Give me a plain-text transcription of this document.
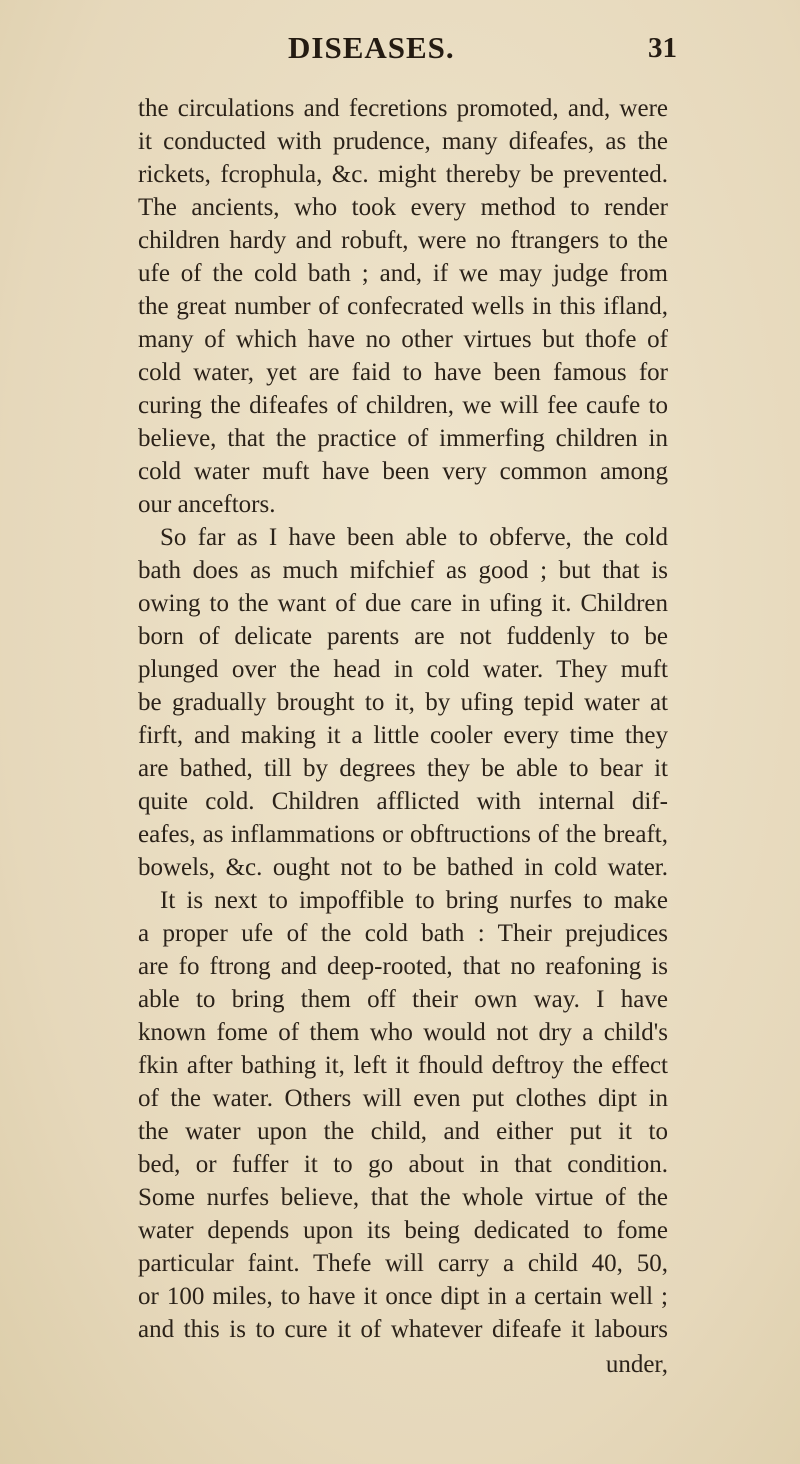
DISEASES.	31
the circulations and fecretions promoted, and, were
it conducted with prudence, many difeafes, as the
rickets, fcrophula, &c. might thereby be prevented.
The ancients, who took every method to render
children hardy and robuft, were no ftrangers to the
ufe of the cold bath ; and, if we may judge from
the great number of confecrated wells in this ifland,
many of which have no other virtues but thofe of
cold water, yet are faid to have been famous for
curing the difeafes of children, we will fee caufe to
believe, that the practice of immerfing children in
cold water muft have been very common among
our anceftors.
So far as I have been able to obferve, the cold
bath does as much mifchief as good ; but that is
owing to the want of due care in ufing it. Children
born of delicate parents are not fuddenly to be
plunged over the head in cold water. They muft
be gradually brought to it, by ufing tepid water at
firft, and making it a little cooler every time they
are bathed, till by degrees they be able to bear it
quite cold. Children afflicted with internal dif-
eafes, as inflammations or obftructions of the breaft,
bowels, &c. ought not to be bathed in cold water.
It is next to impoffible to bring nurfes to make
a proper ufe of the cold bath : Their prejudices
are fo ftrong and deep-rooted, that no reafoning is
able to bring them off their own way. I have
known fome of them who would not dry a child's
fkin after bathing it, left it fhould deftroy the effect
of the water. Others will even put clothes dipt in
the water upon the child, and either put it to
bed, or fuffer it to go about in that condition.
Some nurfes believe, that the whole virtue of the
water depends upon its being dedicated to fome
particular faint. Thefe will carry a child 40, 50,
or 100 miles, to have it once dipt in a certain well ;
and this is to cure it of whatever difeafe it labours
under,
